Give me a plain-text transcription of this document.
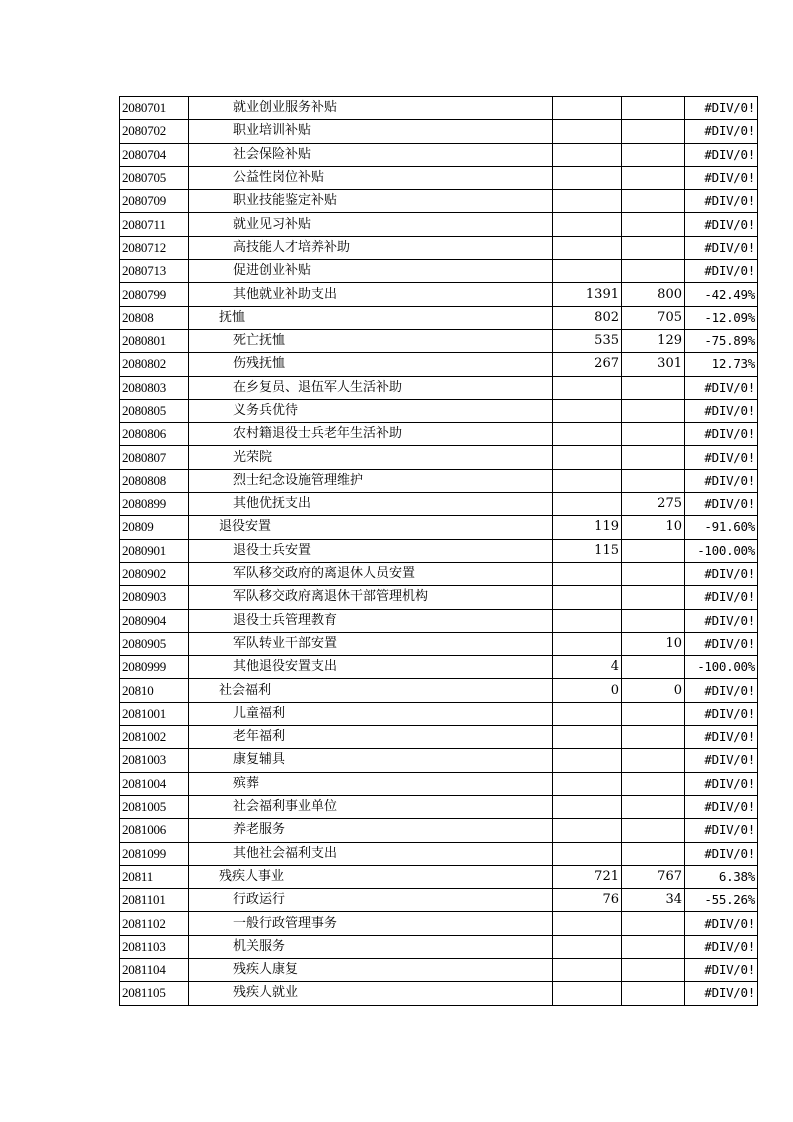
2080701	就业创业服务补贴			#DIV/0!
2080702	职业培训补贴			#DIV/0!
2080704	社会保险补贴			#DIV/0!
2080705	公益性岗位补贴			#DIV/0!
2080709	职业技能鉴定补贴			#DIV/0!
2080711	就业见习补贴			#DIV/0!
2080712	高技能人才培养补助			#DIV/0!
2080713	促进创业补贴			#DIV/0!
2080799	其他就业补助支出	1391	800	-42.49%
20808	抚恤	802	705	-12.09%
2080801	死亡抚恤	535	129	-75.89%
2080802	伤残抚恤	267	301	12.73%
2080803	在乡复员、退伍军人生活补助			#DIV/0!
2080805	义务兵优待			#DIV/0!
2080806	农村籍退役士兵老年生活补助			#DIV/0!
2080807	光荣院			#DIV/0!
2080808	烈士纪念设施管理维护			#DIV/0!
2080899	其他优抚支出		275	#DIV/0!
20809	退役安置	119	10	-91.60%
2080901	退役士兵安置	115		-100.00%
2080902	军队移交政府的离退休人员安置			#DIV/0!
2080903	军队移交政府离退休干部管理机构			#DIV/0!
2080904	退役士兵管理教育			#DIV/0!
2080905	军队转业干部安置		10	#DIV/0!
2080999	其他退役安置支出	4		-100.00%
20810	社会福利	0	0	#DIV/0!
2081001	儿童福利			#DIV/0!
2081002	老年福利			#DIV/0!
2081003	康复辅具			#DIV/0!
2081004	殡葬			#DIV/0!
2081005	社会福利事业单位			#DIV/0!
2081006	养老服务			#DIV/0!
2081099	其他社会福利支出			#DIV/0!
20811	残疾人事业	721	767	6.38%
2081101	行政运行	76	34	-55.26%
2081102	一般行政管理事务			#DIV/0!
2081103	机关服务			#DIV/0!
2081104	残疾人康复			#DIV/0!
2081105	残疾人就业			#DIV/0!
